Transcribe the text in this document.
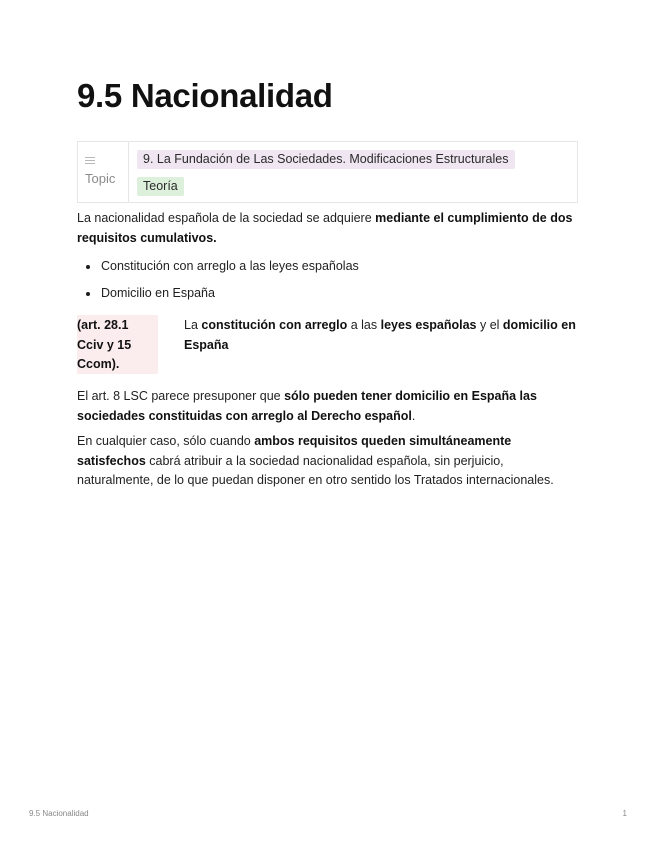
9.5 Nacionalidad
Topic
9. La Fundación de Las Sociedades. Modificaciones Estructurales
Teoría

La nacionalidad española de la sociedad se adquiere mediante el cumplimiento de dos requisitos cumulativos.

Constitución con arreglo a las leyes españolas
Domicilio en España
(art. 28.1 Cciv y 15 Ccom).
La constitución con arreglo a las leyes españolas y el domicilio en España

El art. 8 LSC parece presuponer que sólo pueden tener domicilio en España las sociedades constituidas con arreglo al Derecho español.

En cualquier caso, sólo cuando ambos requisitos queden simultáneamente satisfechos cabrá atribuir a la sociedad nacionalidad española, sin perjuicio, naturalmente, de lo que puedan disponer en otro sentido los Tratados internacionales.

9.5 Nacionalidad	1
